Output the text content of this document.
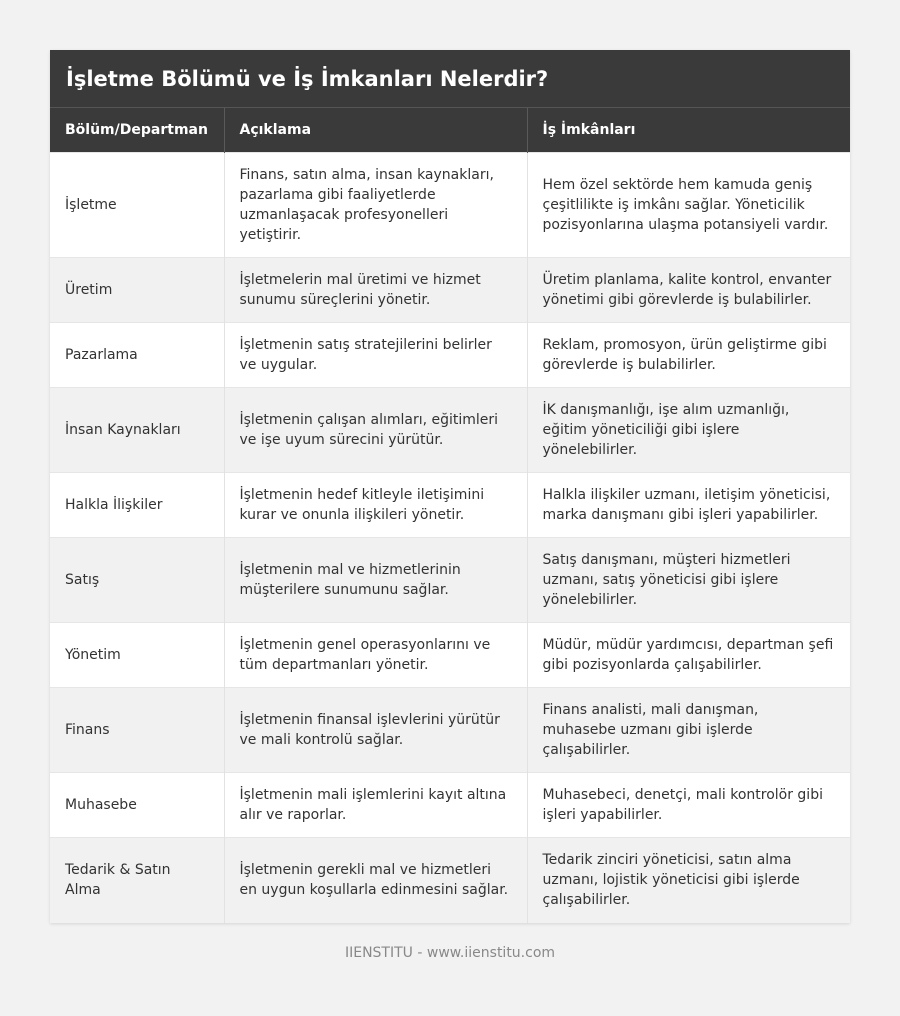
İşletme Bölümü ve İş İmkanları Nelerdir?
Bölüm/Departman	Açıklama	İş İmkânları
İşletme	Finans, satın alma, insan kaynakları, pazarlama gibi faaliyetlerde uzmanlaşacak profesyonelleri yetiştirir.	Hem özel sektörde hem kamuda geniş çeşitlilikte iş imkânı sağlar. Yöneticilik pozisyonlarına ulaşma potansiyeli vardır.
Üretim	İşletmelerin mal üretimi ve hizmet sunumu süreçlerini yönetir.	Üretim planlama, kalite kontrol, envanter yönetimi gibi görevlerde iş bulabilirler.
Pazarlama	İşletmenin satış stratejilerini belirler ve uygular.	Reklam, promosyon, ürün geliştirme gibi görevlerde iş bulabilirler.
İnsan Kaynakları	İşletmenin çalışan alımları, eğitimleri ve işe uyum sürecini yürütür.	İK danışmanlığı, işe alım uzmanlığı, eğitim yöneticiliği gibi işlere yönelebilirler.
Halkla İlişkiler	İşletmenin hedef kitleyle iletişimini kurar ve onunla ilişkileri yönetir.	Halkla ilişkiler uzmanı, iletişim yöneticisi, marka danışmanı gibi işleri yapabilirler.
Satış	İşletmenin mal ve hizmetlerinin müşterilere sunumunu sağlar.	Satış danışmanı, müşteri hizmetleri uzmanı, satış yöneticisi gibi işlere yönelebilirler.
Yönetim	İşletmenin genel operasyonlarını ve tüm departmanları yönetir.	Müdür, müdür yardımcısı, departman şefi gibi pozisyonlarda çalışabilirler.
Finans	İşletmenin finansal işlevlerini yürütür ve mali kontrolü sağlar.	Finans analisti, mali danışman, muhasebe uzmanı gibi işlerde çalışabilirler.
Muhasebe	İşletmenin mali işlemlerini kayıt altına alır ve raporlar.	Muhasebeci, denetçi, mali kontrolör gibi işleri yapabilirler.
Tedarik & Satın Alma	İşletmenin gerekli mal ve hizmetleri en uygun koşullarla edinmesini sağlar.	Tedarik zinciri yöneticisi, satın alma uzmanı, lojistik yöneticisi gibi işlerde çalışabilirler.
IIENSTITU - www.iienstitu.com
